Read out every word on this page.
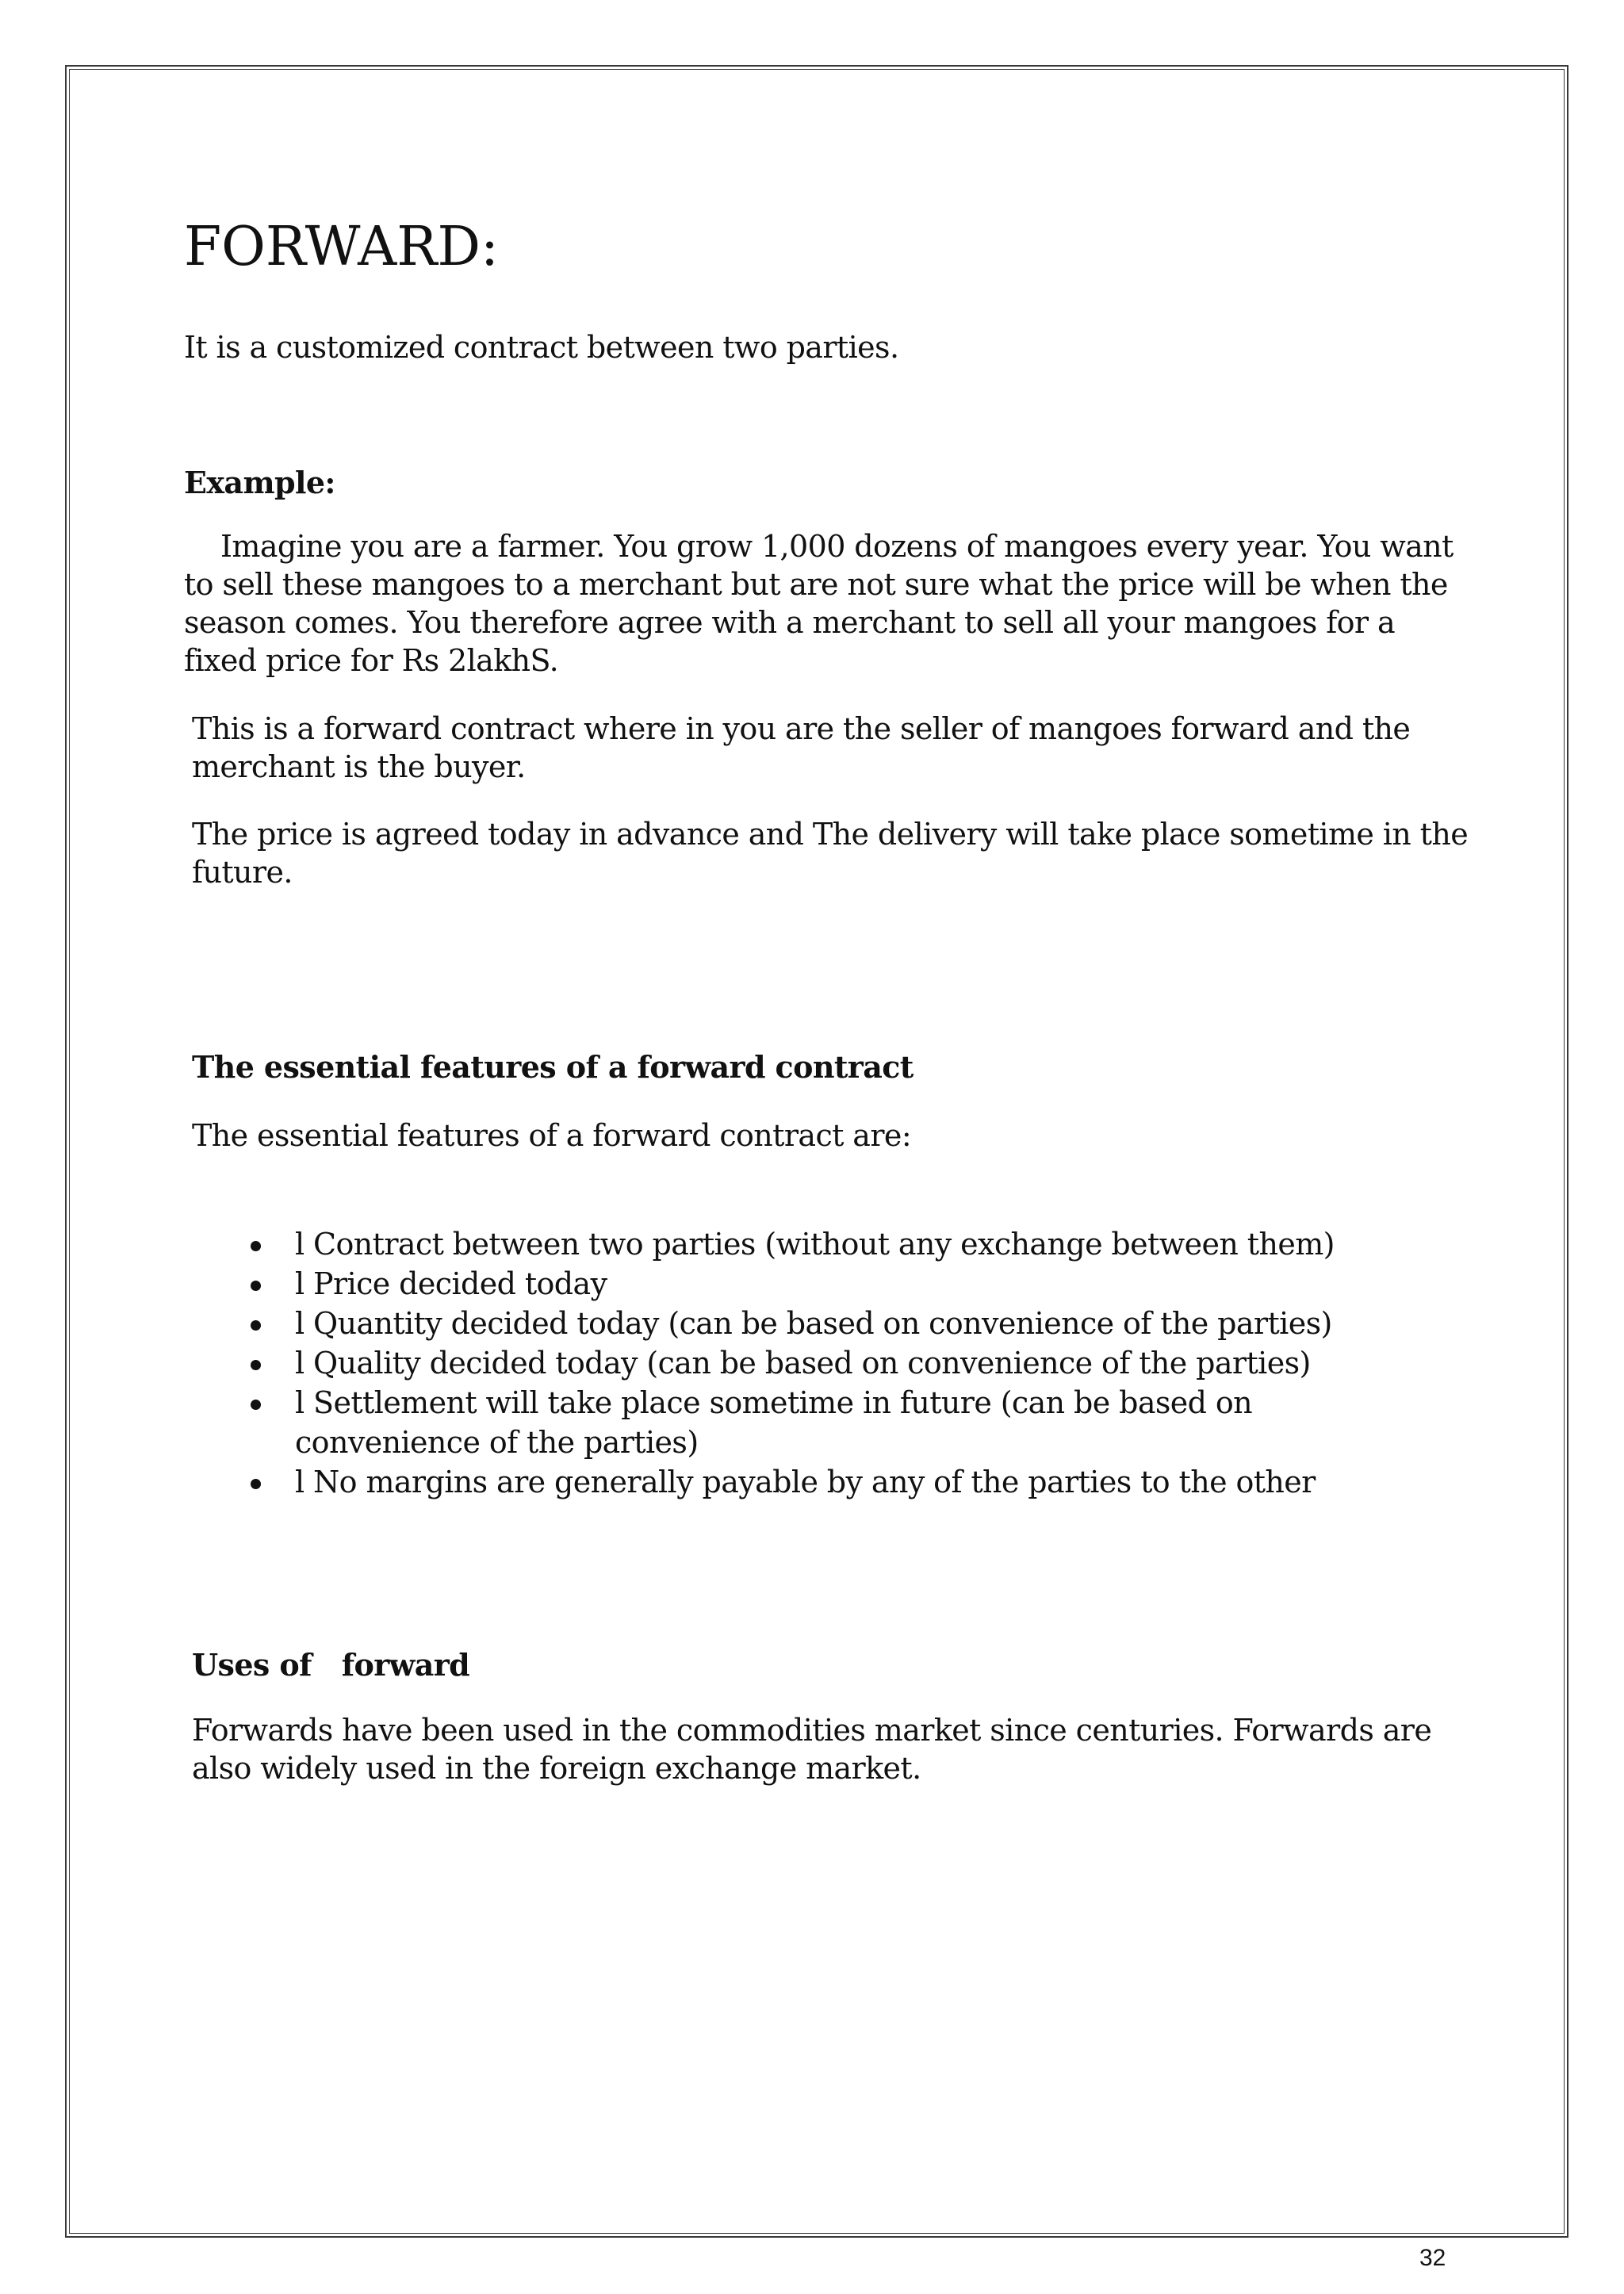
FORWARD:

It is a customized contract between two parties.

Example:

Imagine you are a farmer. You grow 1,000 dozens of mangoes every year. You want to sell these mangoes to a merchant but are not sure what the price will be when the season comes. You therefore agree with a merchant to sell all your mangoes for a fixed price for Rs 2lakhS.

This is a forward contract where in you are the seller of mangoes forward and the merchant is the buyer.

The price is agreed today in advance and The delivery will take place sometime in the future.

The essential features of a forward contract

The essential features of a forward contract are:

l Contract between two parties (without any exchange between them)
l Price decided today
l Quantity decided today (can be based on convenience of the parties)
l Quality decided today (can be based on convenience of the parties)
l Settlement will take place sometime in future (can be based on convenience of the parties)
l No margins are generally payable by any of the parties to the other
Uses of   forward

Forwards have been used in the commodities market since centuries. Forwards are also widely used in the foreign exchange market.

32
